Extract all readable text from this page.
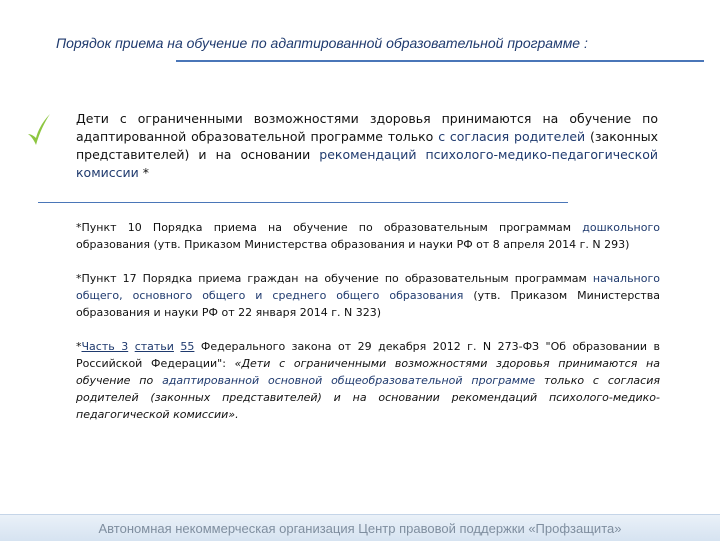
Порядок приема на обучение по адаптированной образовательной программе :
Дети с ограниченными возможностями здоровья принимаются на обучение по адаптированной образовательной программе только с согласия родителей (законных представителей) и на основании рекомендаций психолого-медико-педагогической комиссии *
*Пункт 10 Порядка приема на обучение по образовательным программам дошкольного образования (утв. Приказом Министерства образования и науки РФ от 8 апреля 2014 г. N 293)
*Пункт 17 Порядка приема граждан на обучение по образовательным программам начального общего, основного общего и среднего общего образования (утв. Приказом Министерства образования и науки РФ от 22 января 2014 г. N 323)
*Часть 3 статьи 55 Федерального закона от 29 декабря 2012 г. N 273-ФЗ "Об образовании в Российской Федерации": «Дети с ограниченными возможностями здоровья принимаются на обучение по адаптированной основной общеобразовательной программе только с согласия родителей (законных представителей) и на основании рекомендаций психолого-медико-педагогической комиссии».
Автономная некоммерческая организация Центр правовой поддержки «Профзащита»
